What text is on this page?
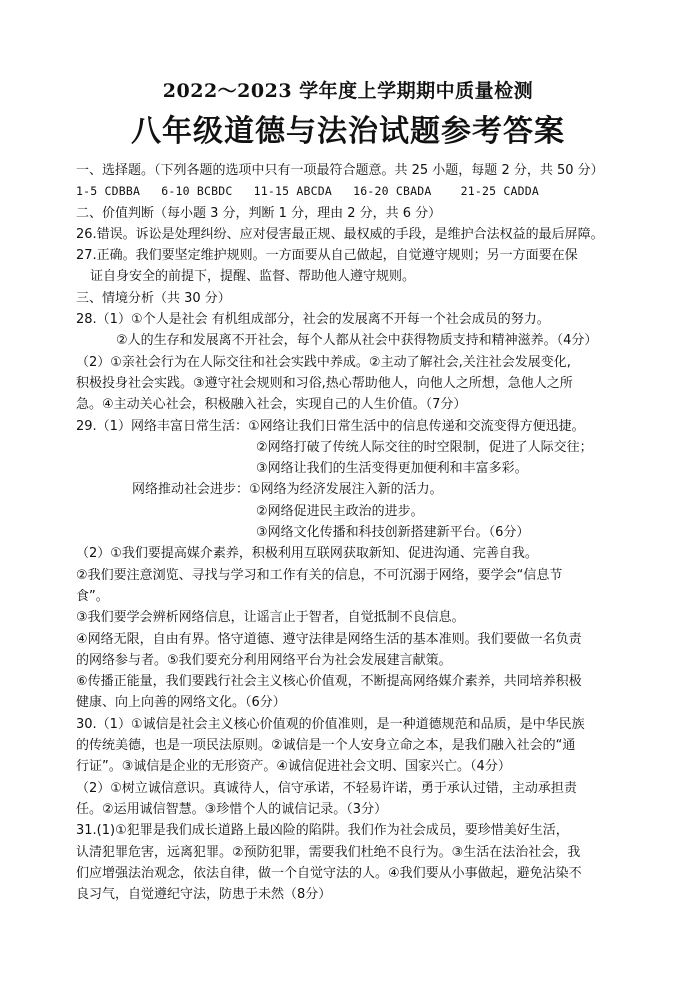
2022～2023 学年度上学期期中质量检测
八年级道德与法治试题参考答案
一、选择题。（下列各题的选项中只有一项最符合题意。共 25 小题，每题 2 分，共 50 分）
1-5 CDBBA 6-10 BCBDC 11-15 ABCDA 16-20 CBADA	21-25 CADDA
二、价值判断（每小题 3 分，判断 1 分，理由 2 分，共 6 分）
26.错误。诉讼是处理纠纷、应对侵害最正规、最权威的手段，是维护合法权益的最后屏障。
27.正确。我们要坚定维护规则。一方面要从自己做起，自觉遵守规则；另一方面要在保
证自身安全的前提下，提醒、监督、帮助他人遵守规则。
三、情境分析（共 30 分）
28.（1）①个人是社会 有机组成部分，社会的发展离不开每一个社会成员的努力。
②人的生存和发展离不开社会，每个人都从社会中获得物质支持和精神滋养。（4分）
（2）①亲社会行为在人际交往和社会实践中养成。②主动了解社会,关注社会发展变化,
积极投身社会实践。③遵守社会规则和习俗,热心帮助他人，向他人之所想，急他人之所
急。④主动关心社会，积极融入社会，实现自己的人生价值。（7分）
29.（1）网络丰富日常生活：①网络让我们日常生活中的信息传递和交流变得方便迅捷。
②网络打破了传统人际交往的时空限制，促进了人际交往；
③网络让我们的生活变得更加便利和丰富多彩。
网络推动社会进步：①网络为经济发展注入新的活力。
②网络促进民主政治的进步。
③网络文化传播和科技创新搭建新平台。（6分）
（2）①我们要提高媒介素养，积极利用互联网获取新知、促进沟通、完善自我。
②我们要注意浏览、寻找与学习和工作有关的信息，不可沉溺于网络，要学会“信息节
食”。
③我们要学会辨析网络信息，让谣言止于智者，自觉抵制不良信息。
④网络无限，自由有界。恪守道德、遵守法律是网络生活的基本准则。我们要做一名负责
的网络参与者。⑤我们要充分利用网络平台为社会发展建言献策。
⑥传播正能量，我们要践行社会主义核心价值观，不断提高网络媒介素养，共同培养积极
健康、向上向善的网络文化。（6分）
30.（1）①诚信是社会主义核心价值观的价值准则，是一种道德规范和品质，是中华民族
的传统美德，也是一项民法原则。②诚信是一个人安身立命之本，是我们融入社会的“通
行证”。③诚信是企业的无形资产。④诚信促进社会文明、国家兴亡。（4分）
（2）①树立诚信意识。真诚待人，信守承诺，不轻易许诺，勇于承认过错，主动承担责
任。②运用诚信智慧。③珍惜个人的诚信记录。（3分）
31.(1)①犯罪是我们成长道路上最凶险的陷阱。我们作为社会成员，要珍惜美好生活，
认清犯罪危害，远离犯罪。②预防犯罪，需要我们杜绝不良行为。③生活在法治社会，我
们应增强法治观念，依法自律，做一个自觉守法的人。④我们要从小事做起，避免沾染不
良习气，自觉遵纪守法，防患于未然（8分）
